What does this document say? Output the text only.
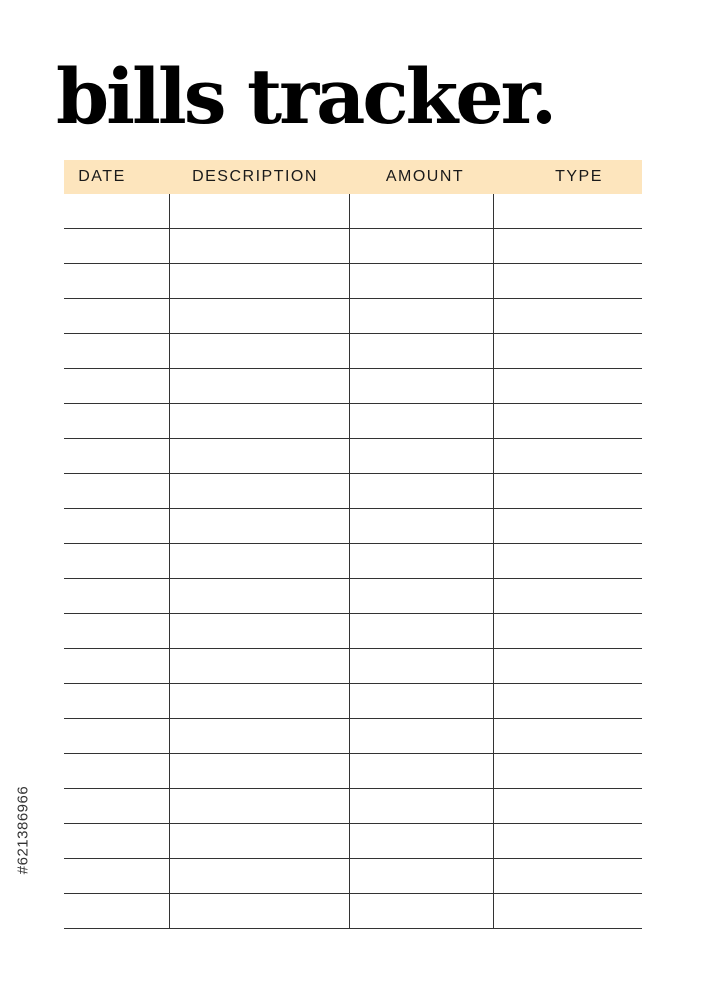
bills tracker.
DATE	DESCRIPTION	AMOUNT	TYPE
#621386966
